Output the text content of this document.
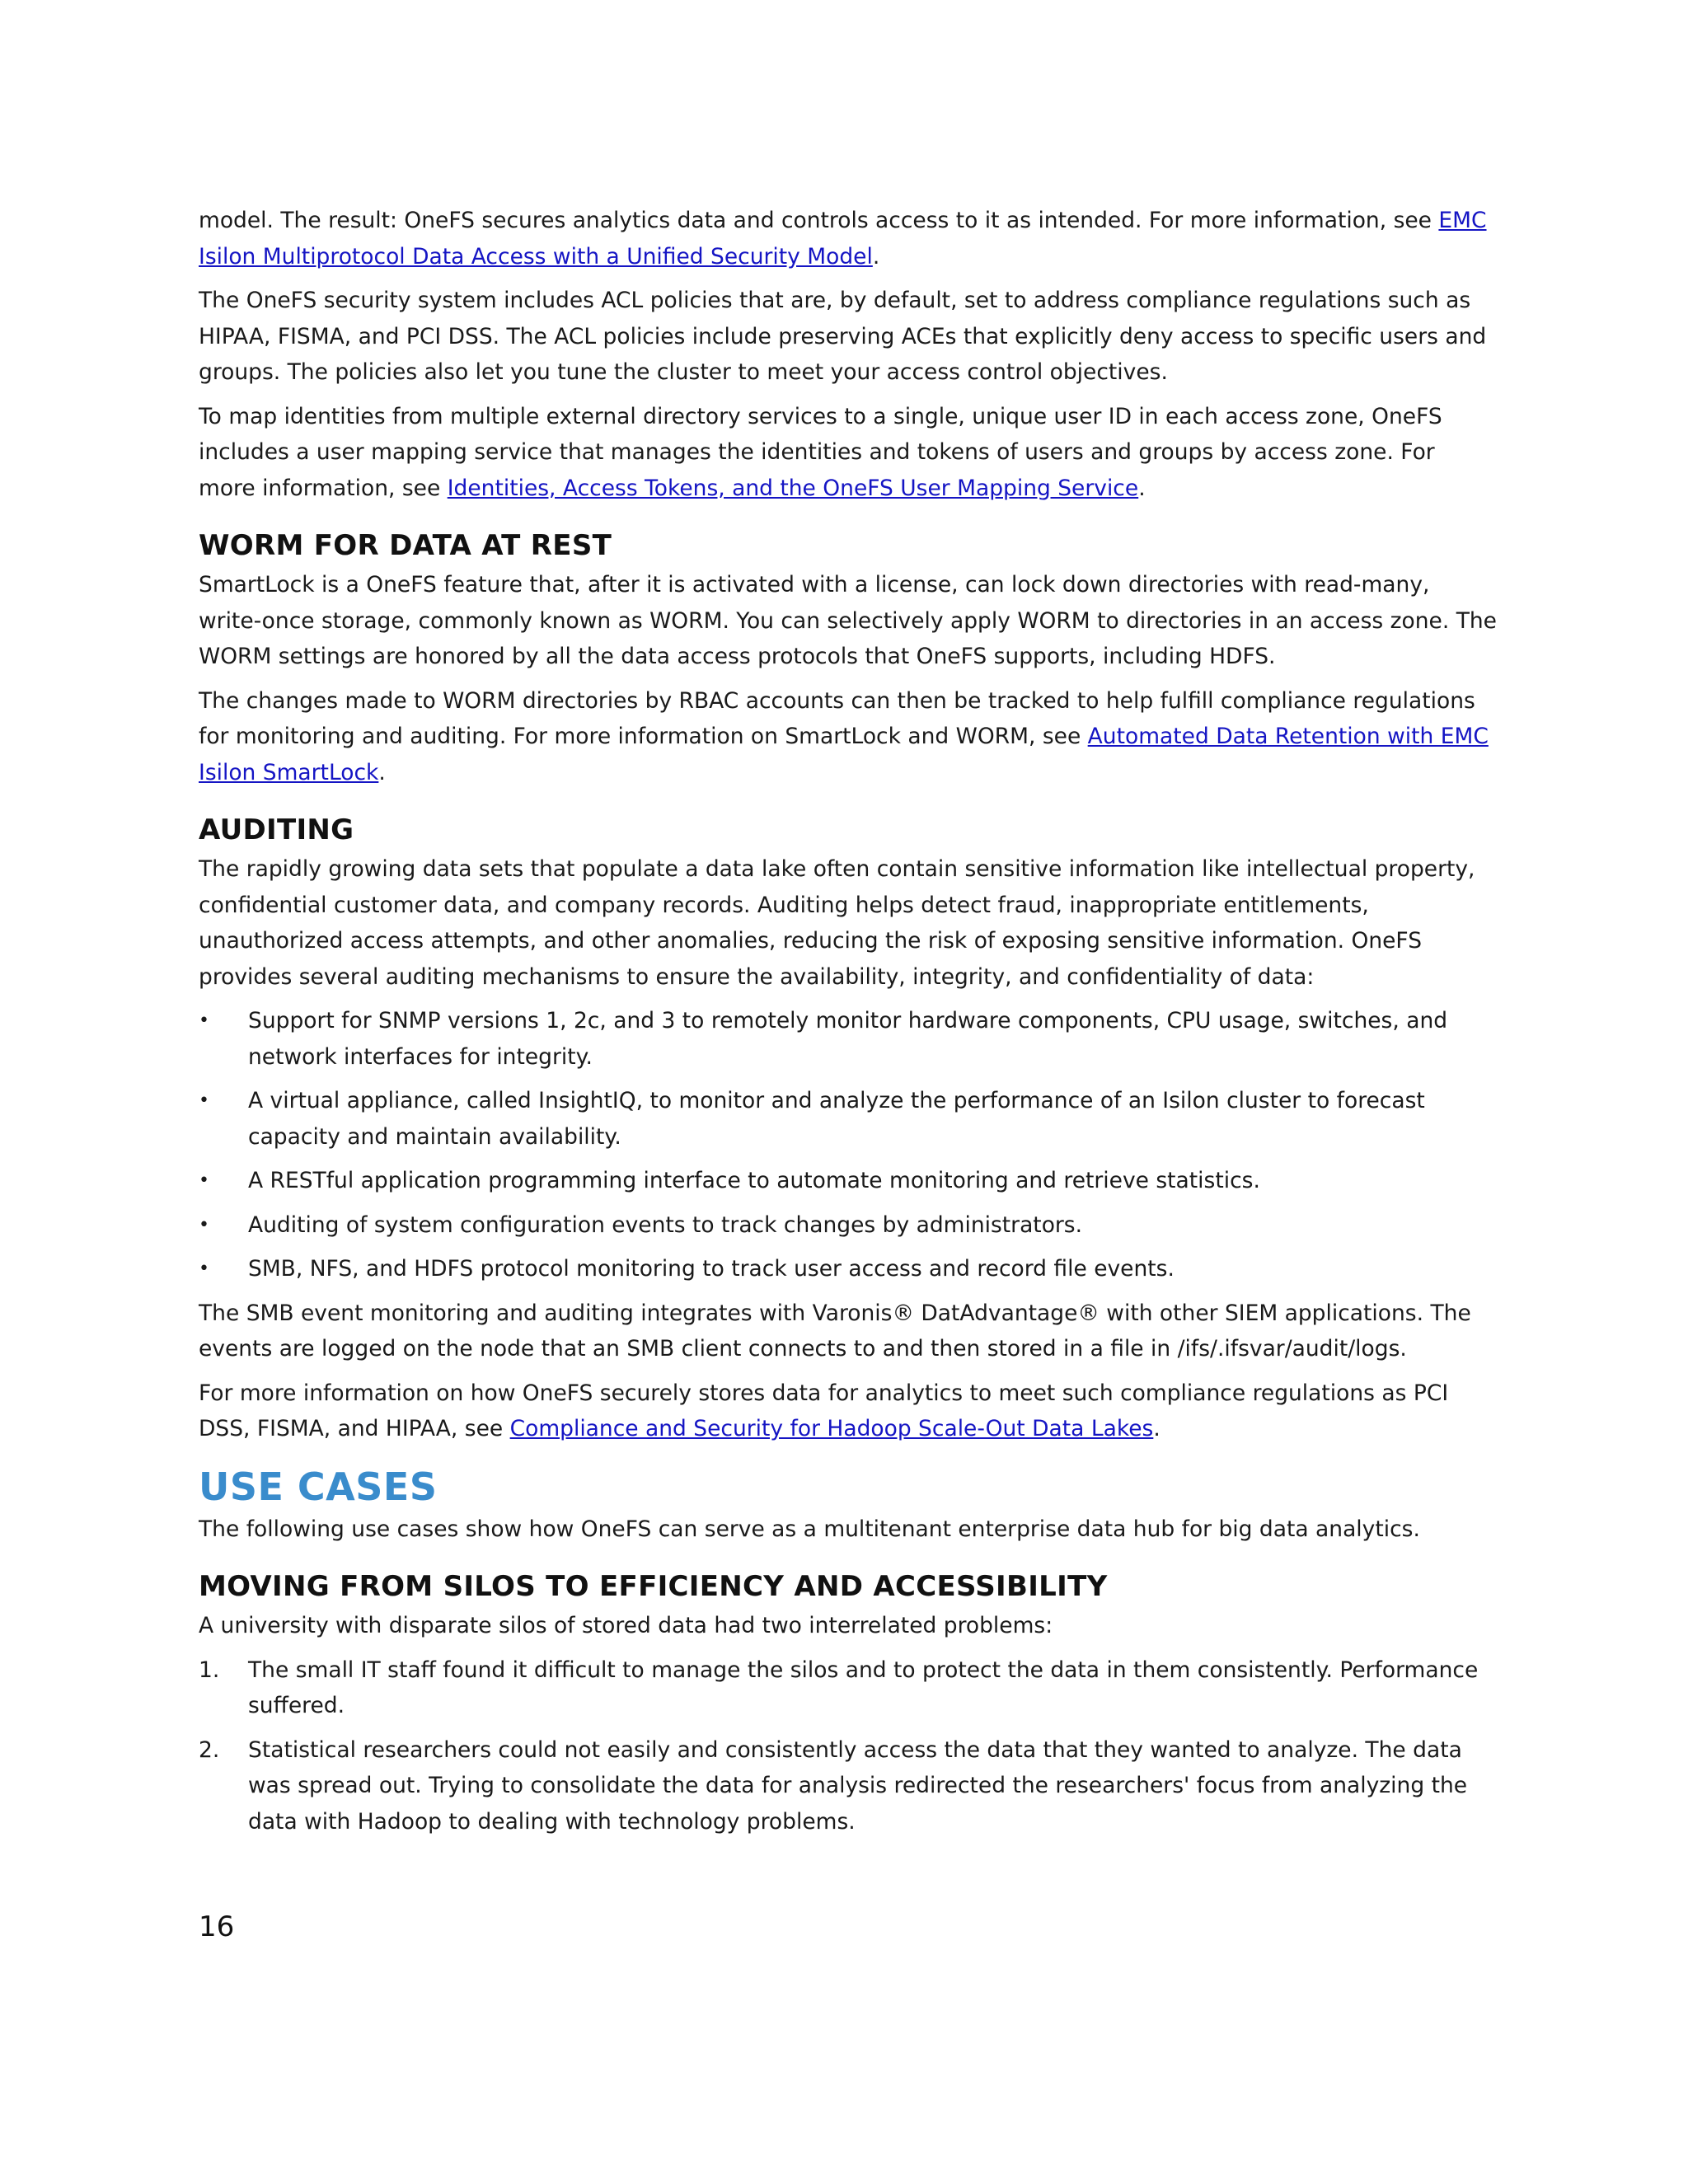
model. The result: OneFS secures analytics data and controls access to it as intended. For more information, see EMC Isilon Multiprotocol Data Access with a Unified Security Model.

The OneFS security system includes ACL policies that are, by default, set to address compliance regulations such as HIPAA, FISMA, and PCI DSS. The ACL policies include preserving ACEs that explicitly deny access to specific users and groups. The policies also let you tune the cluster to meet your access control objectives.

To map identities from multiple external directory services to a single, unique user ID in each access zone, OneFS includes a user mapping service that manages the identities and tokens of users and groups by access zone. For more information, see Identities, Access Tokens, and the OneFS User Mapping Service.

WORM FOR DATA AT REST

SmartLock is a OneFS feature that, after it is activated with a license, can lock down directories with read-many, write-once storage, commonly known as WORM. You can selectively apply WORM to directories in an access zone. The WORM settings are honored by all the data access protocols that OneFS supports, including HDFS.

The changes made to WORM directories by RBAC accounts can then be tracked to help fulfill compliance regulations for monitoring and auditing. For more information on SmartLock and WORM, see Automated Data Retention with EMC Isilon SmartLock.

AUDITING

The rapidly growing data sets that populate a data lake often contain sensitive information like intellectual property, confidential customer data, and company records. Auditing helps detect fraud, inappropriate entitlements, unauthorized access attempts, and other anomalies, reducing the risk of exposing sensitive information. OneFS provides several auditing mechanisms to ensure the availability, integrity, and confidentiality of data:

• Support for SNMP versions 1, 2c, and 3 to remotely monitor hardware components, CPU usage, switches, and network interfaces for integrity.
• A virtual appliance, called InsightIQ, to monitor and analyze the performance of an Isilon cluster to forecast capacity and maintain availability.
• A RESTful application programming interface to automate monitoring and retrieve statistics.
• Auditing of system configuration events to track changes by administrators.
• SMB, NFS, and HDFS protocol monitoring to track user access and record file events.

The SMB event monitoring and auditing integrates with Varonis® DatAdvantage® with other SIEM applications. The events are logged on the node that an SMB client connects to and then stored in a file in /ifs/.ifsvar/audit/logs.

For more information on how OneFS securely stores data for analytics to meet such compliance regulations as PCI DSS, FISMA, and HIPAA, see Compliance and Security for Hadoop Scale-Out Data Lakes.

USE CASES

The following use cases show how OneFS can serve as a multitenant enterprise data hub for big data analytics.

MOVING FROM SILOS TO EFFICIENCY AND ACCESSIBILITY

A university with disparate silos of stored data had two interrelated problems:

1.	The small IT staff found it difficult to manage the silos and to protect the data in them consistently. Performance suffered.
2.	Statistical researchers could not easily and consistently access the data that they wanted to analyze. The data was spread out. Trying to consolidate the data for analysis redirected the researchers' focus from analyzing the data with Hadoop to dealing with technology problems.
16
